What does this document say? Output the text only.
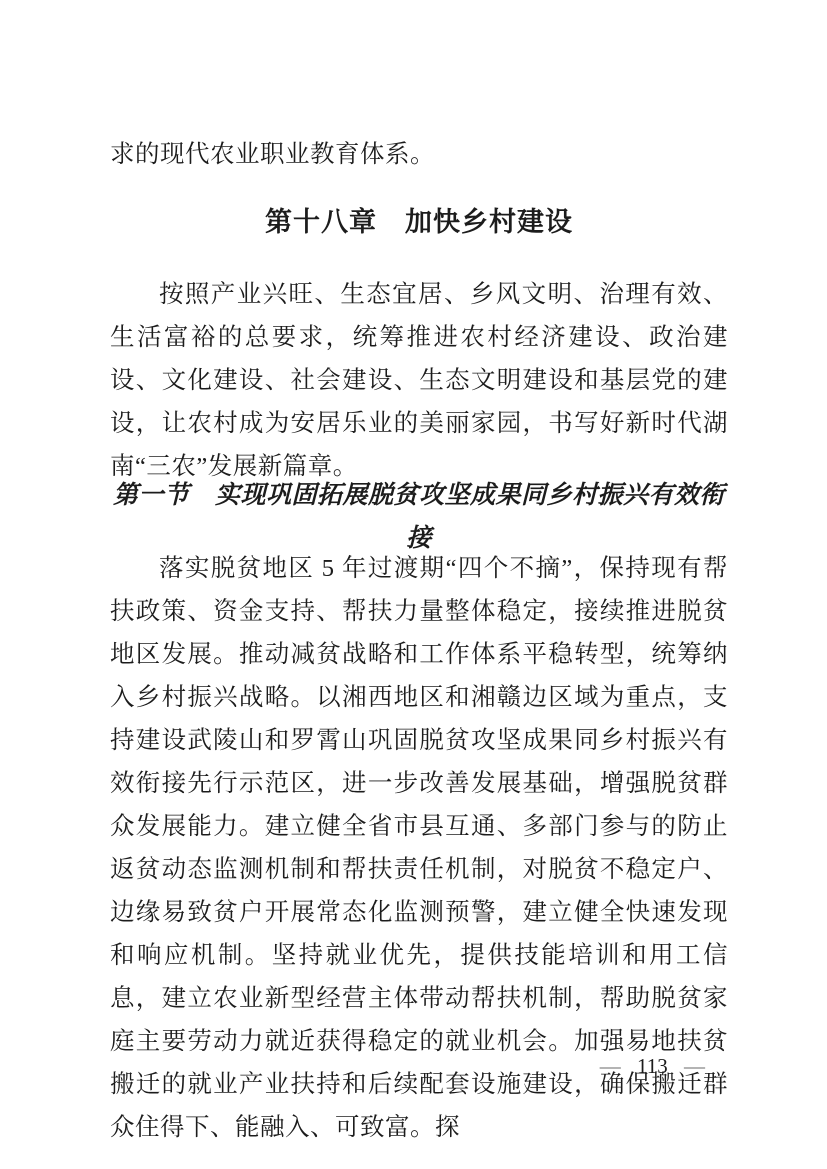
求的现代农业职业教育体系。

第十八章　加快乡村建设

按照产业兴旺、生态宜居、乡风文明、治理有效、生活富裕的总要求，统筹推进农村经济建设、政治建设、文化建设、社会建设、生态文明建设和基层党的建设，让农村成为安居乐业的美丽家园，书写好新时代湖南“三农”发展新篇章。

第一节　实现巩固拓展脱贫攻坚成果同乡村振兴有效衔接

落实脱贫地区 5 年过渡期“四个不摘”，保持现有帮扶政策、资金支持、帮扶力量整体稳定，接续推进脱贫地区发展。推动减贫战略和工作体系平稳转型，统筹纳入乡村振兴战略。以湘西地区和湘赣边区域为重点，支持建设武陵山和罗霄山巩固脱贫攻坚成果同乡村振兴有效衔接先行示范区，进一步改善发展基础，增强脱贫群众发展能力。建立健全省市县互通、多部门参与的防止返贫动态监测机制和帮扶责任机制，对脱贫不稳定户、边缘易致贫户开展常态化监测预警，建立健全快速发现和响应机制。坚持就业优先，提供技能培训和用工信息，建立农业新型经营主体带动帮扶机制，帮助脱贫家庭主要劳动力就近获得稳定的就业机会。加强易地扶贫搬迁的就业产业扶持和后续配套设施建设，确保搬迁群众住得下、能融入、可致富。探

— 113 —
